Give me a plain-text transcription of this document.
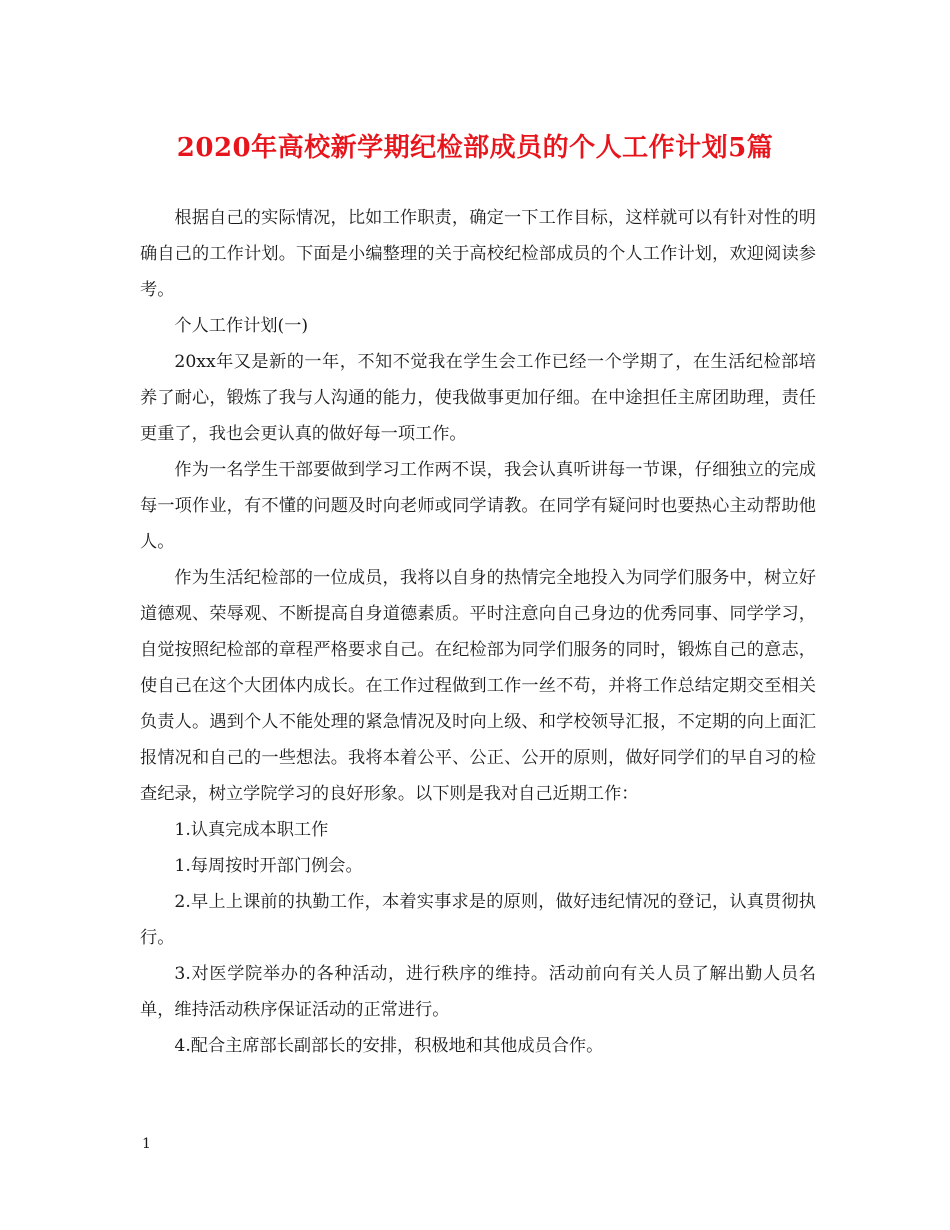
2020年高校新学期纪检部成员的个人工作计划5篇

根据自己的实际情况，比如工作职责，确定一下工作目标，这样就可以有针对性的明确自己的工作计划。下面是小编整理的关于高校纪检部成员的个人工作计划，欢迎阅读参考。

个人工作计划(一)

20xx年又是新的一年，不知不觉我在学生会工作已经一个学期了，在生活纪检部培养了耐心，锻炼了我与人沟通的能力，使我做事更加仔细。在中途担任主席团助理，责任更重了，我也会更认真的做好每一项工作。

作为一名学生干部要做到学习工作两不误，我会认真听讲每一节课，仔细独立的完成每一项作业，有不懂的问题及时向老师或同学请教。在同学有疑问时也要热心主动帮助他人。

作为生活纪检部的一位成员，我将以自身的热情完全地投入为同学们服务中，树立好道德观、荣辱观、不断提高自身道德素质。平时注意向自己身边的优秀同事、同学学习，自觉按照纪检部的章程严格要求自己。在纪检部为同学们服务的同时，锻炼自己的意志，使自己在这个大团体内成长。在工作过程做到工作一丝不苟，并将工作总结定期交至相关负责人。遇到个人不能处理的紧急情况及时向上级、和学校领导汇报，不定期的向上面汇报情况和自己的一些想法。我将本着公平、公正、公开的原则，做好同学们的早自习的检查纪录，树立学院学习的良好形象。以下则是我对自己近期工作：

1.认真完成本职工作

1.每周按时开部门例会。

2.早上上课前的执勤工作，本着实事求是的原则，做好违纪情况的登记，认真贯彻执行。

3.对医学院举办的各种活动，进行秩序的维持。活动前向有关人员了解出勤人员名单，维持活动秩序保证活动的正常进行。

4.配合主席部长副部长的安排，积极地和其他成员合作。

1
